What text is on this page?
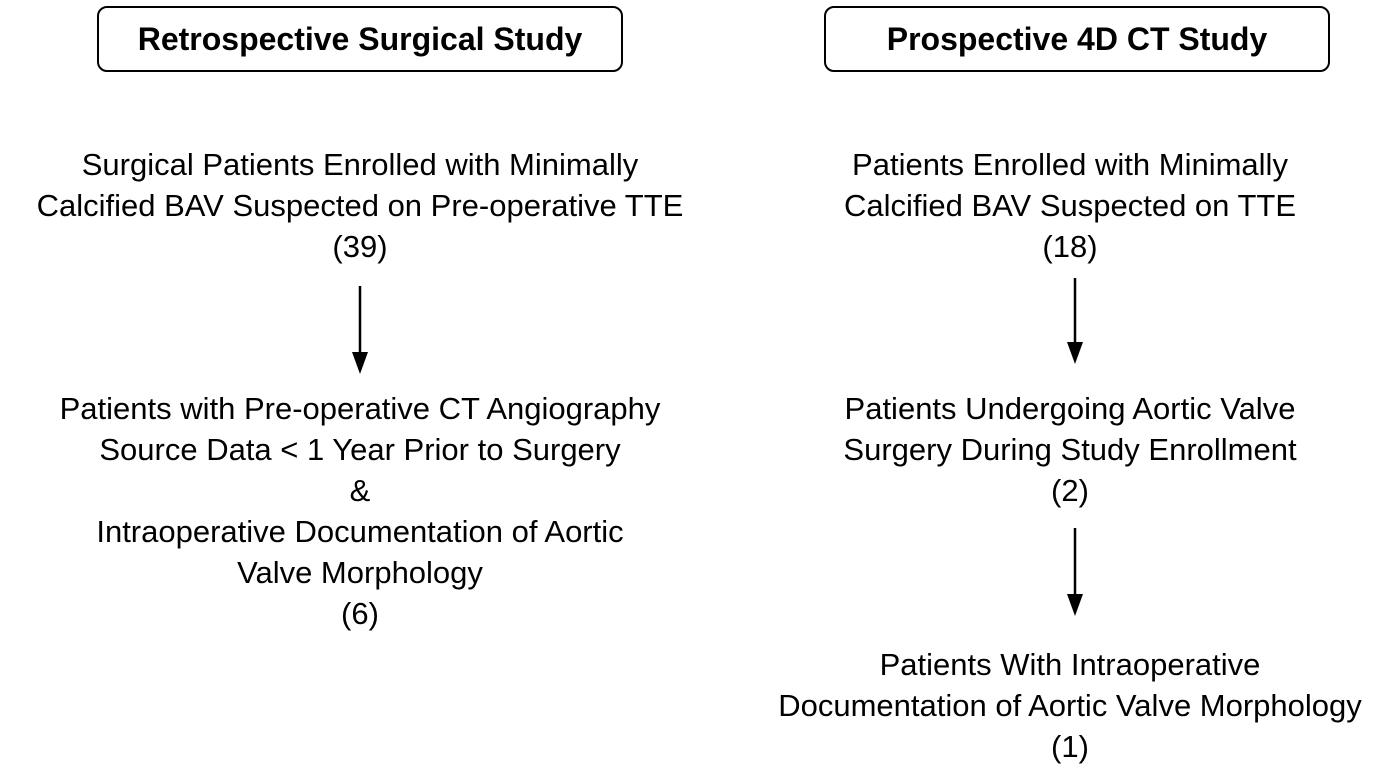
Retrospective Surgical Study
Surgical Patients Enrolled with Minimally
Calcified BAV Suspected on Pre-operative TTE
(39)
Patients with Pre-operative CT Angiography
Source Data < 1 Year Prior to Surgery
&
Intraoperative Documentation of Aortic
Valve Morphology
(6)
Prospective 4D CT Study
Patients Enrolled with Minimally
Calcified BAV Suspected on TTE
(18)
Patients Undergoing Aortic Valve
Surgery During Study Enrollment
(2)
Patients With Intraoperative
Documentation of Aortic Valve Morphology
(1)
